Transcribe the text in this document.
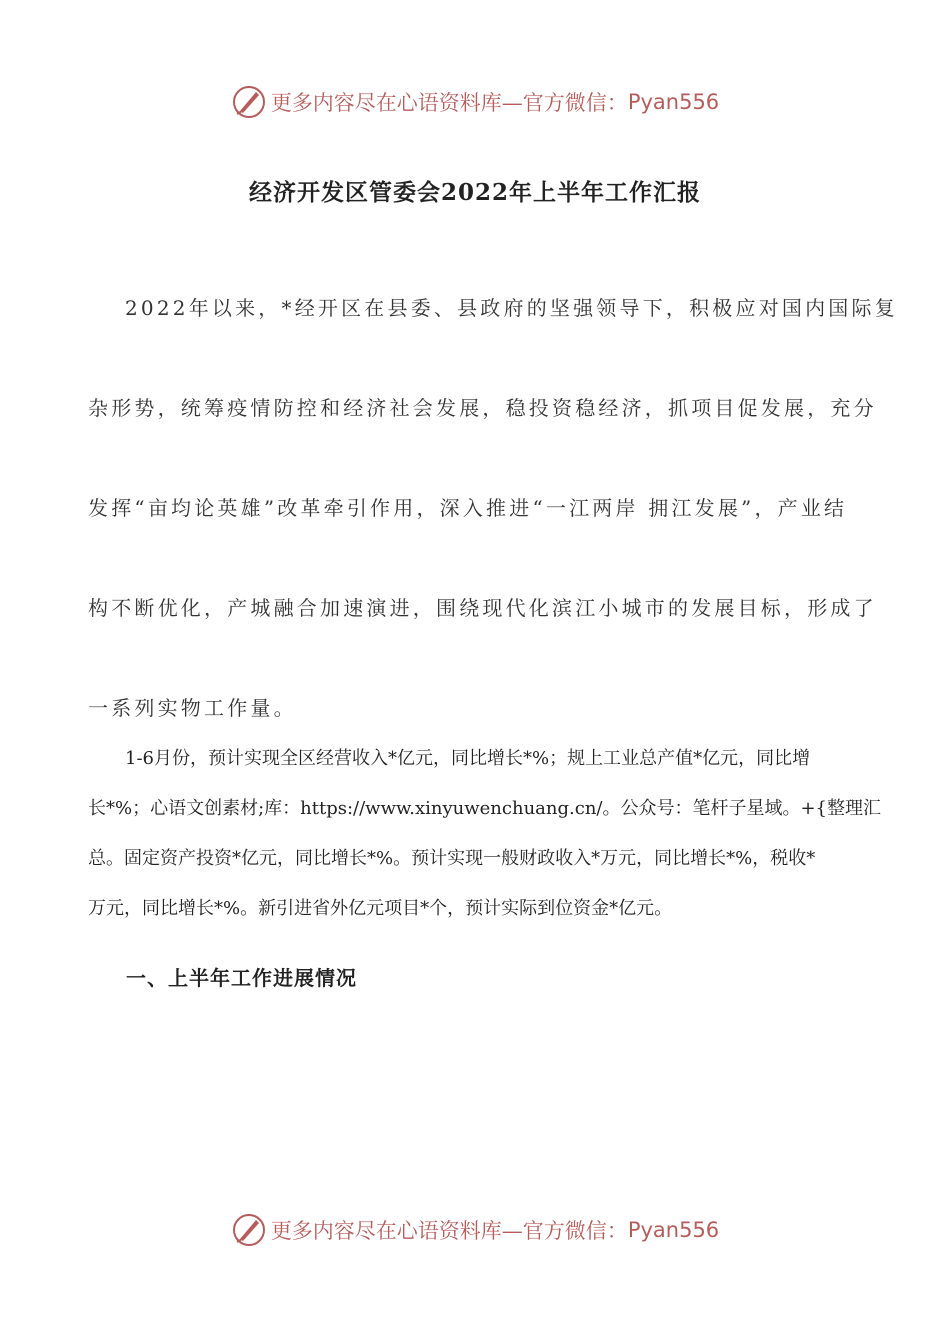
更多内容尽在心语资料库—官方微信： Pyan556
经济开发区管委会2022年上半年工作汇报
2022年以来，*经开区在县委、县政府的坚强领导下，积极应对国内国际复
杂形势，统筹疫情防控和经济社会发展，稳投资稳经济，抓项目促发展，充分
发挥“亩均论英雄”改革牵引作用，深入推进“一江两岸 拥江发展”，产业结
构不断优化，产城融合加速演进，围绕现代化滨江小城市的发展目标，形成了
一系列实物工作量。
1-6月份，预计实现全区经营收入*亿元，同比增长*%；规上工业总产值*亿元，同比增
长*%；心语文创素材;库：https://www.xinyuwenchuang.cn/。公众号：笔杆子星域。+{整理汇
总。固定资产投资*亿元，同比增长*%。预计实现一般财政收入*万元，同比增长*%，税收*
万元，同比增长*%。新引进省外亿元项目*个，预计实际到位资金*亿元。
一、上半年工作进展情况
更多内容尽在心语资料库—官方微信： Pyan556
